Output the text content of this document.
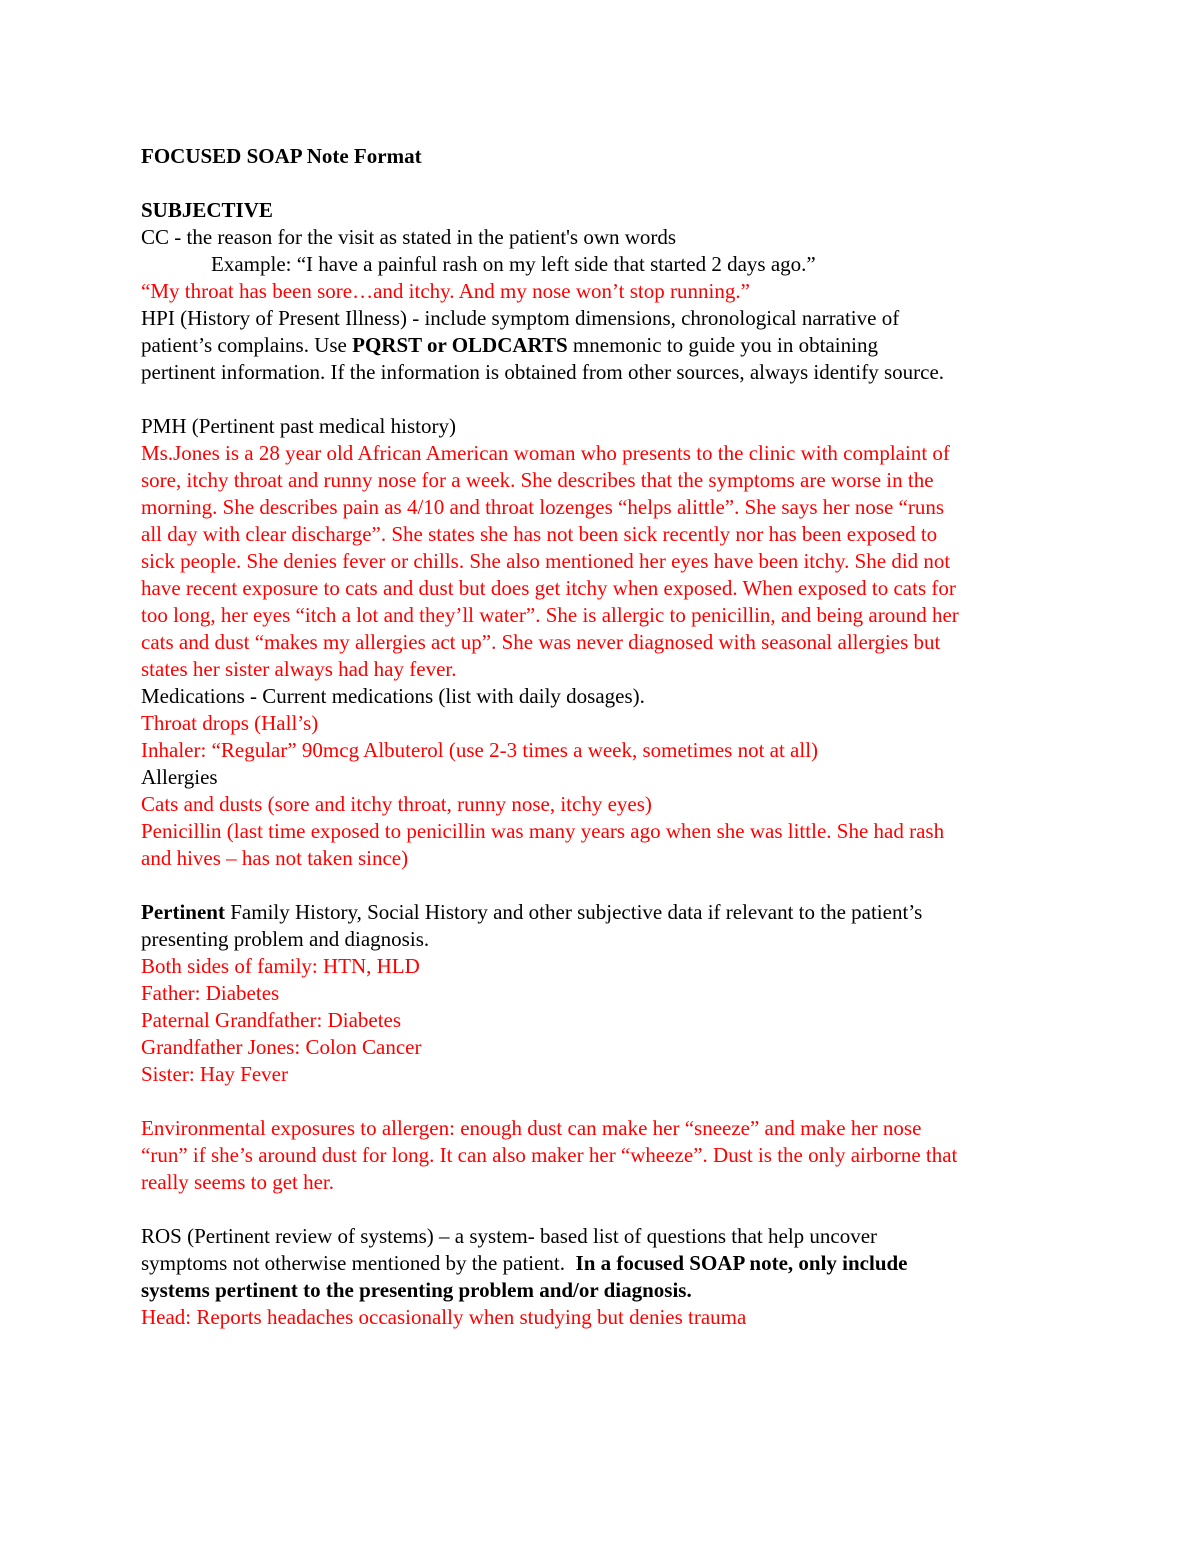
FOCUSED SOAP Note Format
SUBJECTIVE
CC - the reason for the visit as stated in the patient's own words
Example: “I have a painful rash on my left side that started 2 days ago.”
“My throat has been sore…and itchy. And my nose won’t stop running.”
HPI (History of Present Illness) - include symptom dimensions, chronological narrative of
patient’s complains. Use PQRST or OLDCARTS mnemonic to guide you in obtaining
pertinent information. If the information is obtained from other sources, always identify source.
PMH (Pertinent past medical history)
Ms.Jones is a 28 year old African American woman who presents to the clinic with complaint of
sore, itchy throat and runny nose for a week. She describes that the symptoms are worse in the
morning. She describes pain as 4/10 and throat lozenges “helps alittle”. She says her nose “runs
all day with clear discharge”. She states she has not been sick recently nor has been exposed to
sick people. She denies fever or chills. She also mentioned her eyes have been itchy. She did not
have recent exposure to cats and dust but does get itchy when exposed. When exposed to cats for
too long, her eyes “itch a lot and they’ll water”. She is allergic to penicillin, and being around her
cats and dust “makes my allergies act up”. She was never diagnosed with seasonal allergies but
states her sister always had hay fever.
Medications - Current medications (list with daily dosages).
Throat drops (Hall’s)
Inhaler: “Regular” 90mcg Albuterol (use 2-3 times a week, sometimes not at all)
Allergies
Cats and dusts (sore and itchy throat, runny nose, itchy eyes)
Penicillin (last time exposed to penicillin was many years ago when she was little. She had rash
and hives – has not taken since)
Pertinent Family History, Social History and other subjective data if relevant to the patient’s
presenting problem and diagnosis.
Both sides of family: HTN, HLD
Father: Diabetes
Paternal Grandfather: Diabetes
Grandfather Jones: Colon Cancer
Sister: Hay Fever
Environmental exposures to allergen: enough dust can make her “sneeze” and make her nose
“run” if she’s around dust for long. It can also maker her “wheeze”. Dust is the only airborne that
really seems to get her.
ROS (Pertinent review of systems) – a system- based list of questions that help uncover
symptoms not otherwise mentioned by the patient.  In a focused SOAP note, only include
systems pertinent to the presenting problem and/or diagnosis.
Head: Reports headaches occasionally when studying but denies trauma
